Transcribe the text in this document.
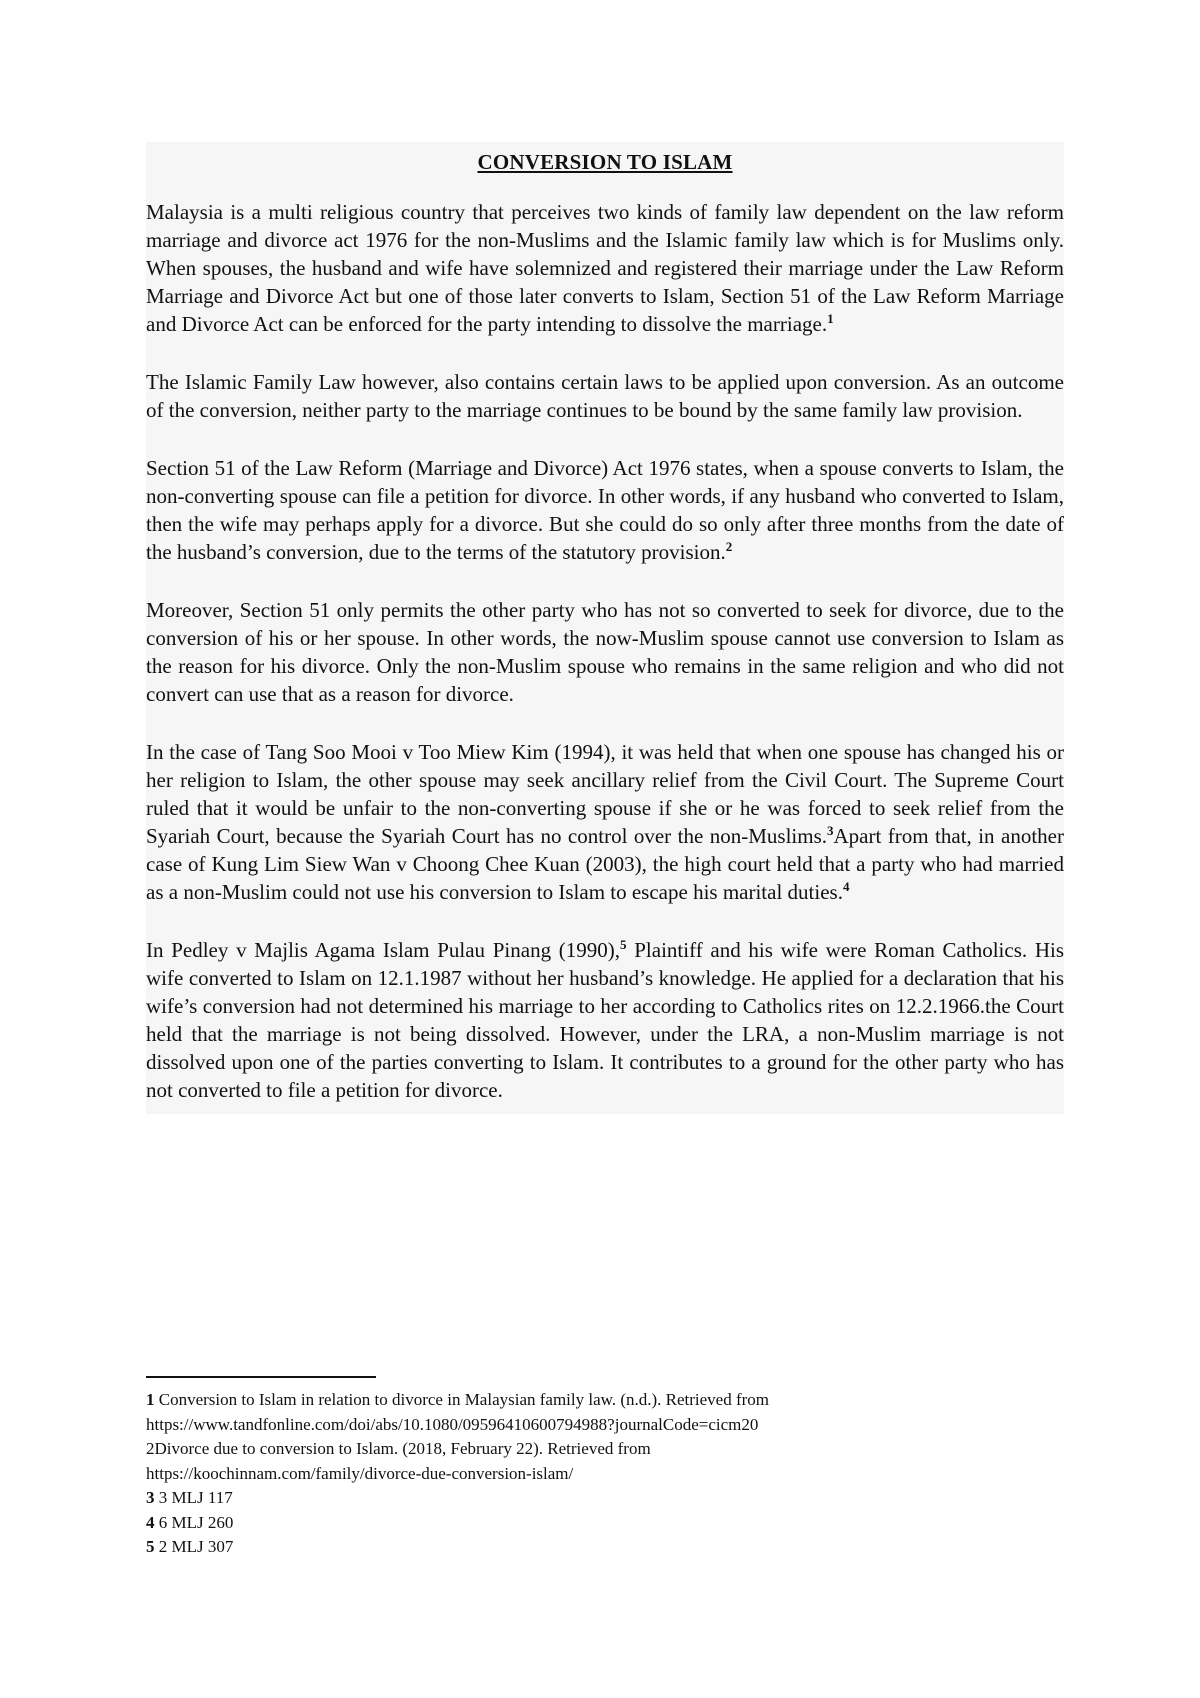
CONVERSION TO ISLAM

Malaysia is a multi religious country that perceives two kinds of family law dependent on the law reform marriage and divorce act 1976 for the non-Muslims and the Islamic family law which is for Muslims only. When spouses, the husband and wife have solemnized and registered their marriage under the Law Reform Marriage and Divorce Act but one of those later converts to Islam, Section 51 of the Law Reform Marriage and Divorce Act can be enforced for the party intending to dissolve the marriage.$^1$

The Islamic Family Law however, also contains certain laws to be applied upon conversion. As an outcome of the conversion, neither party to the marriage continues to be bound by the same family law provision.

Section 51 of the Law Reform (Marriage and Divorce) Act 1976 states, when a spouse converts to Islam, the non-converting spouse can file a petition for divorce. In other words, if any husband who converted to Islam, then the wife may perhaps apply for a divorce. But she could do so only after three months from the date of the husband’s conversion, due to the terms of the statutory provision.$^2$

Moreover, Section 51 only permits the other party who has not so converted to seek for divorce, due to the conversion of his or her spouse. In other words, the now-Muslim spouse cannot use conversion to Islam as the reason for his divorce. Only the non-Muslim spouse who remains in the same religion and who did not convert can use that as a reason for divorce.

In the case of Tang Soo Mooi v Too Miew Kim (1994), it was held that when one spouse has changed his or her religion to Islam, the other spouse may seek ancillary relief from the Civil Court. The Supreme Court ruled that it would be unfair to the non-converting spouse if she or he was forced to seek relief from the Syariah Court, because the Syariah Court has no control over the non-Muslims.$^3$Apart from that, in another case of Kung Lim Siew Wan v Choong Chee Kuan (2003), the high court held that a party who had married as a non-Muslim could not use his conversion to Islam to escape his marital duties.$^4$

In Pedley v Majlis Agama Islam Pulau Pinang (1990),$^5$ Plaintiff and his wife were Roman Catholics. His wife converted to Islam on 12.1.1987 without her husband’s knowledge. He applied for a declaration that his wife’s conversion had not determined his marriage to her according to Catholics rites on 12.2.1966.the Court held that the marriage is not being dissolved. However, under the LRA, a non-Muslim marriage is not dissolved upon one of the parties converting to Islam. It contributes to a ground for the other party who has not converted to file a petition for divorce.

1 Conversion to Islam in relation to divorce in Malaysian family law. (n.d.). Retrieved from
https://www.tandfonline.com/doi/abs/10.1080/09596410600794988?journalCode=cicm20
2Divorce due to conversion to Islam. (2018, February 22). Retrieved from
https://koochinnam.com/family/divorce-due-conversion-islam/
3 3 MLJ 117
4 6 MLJ 260
5 2 MLJ 307
